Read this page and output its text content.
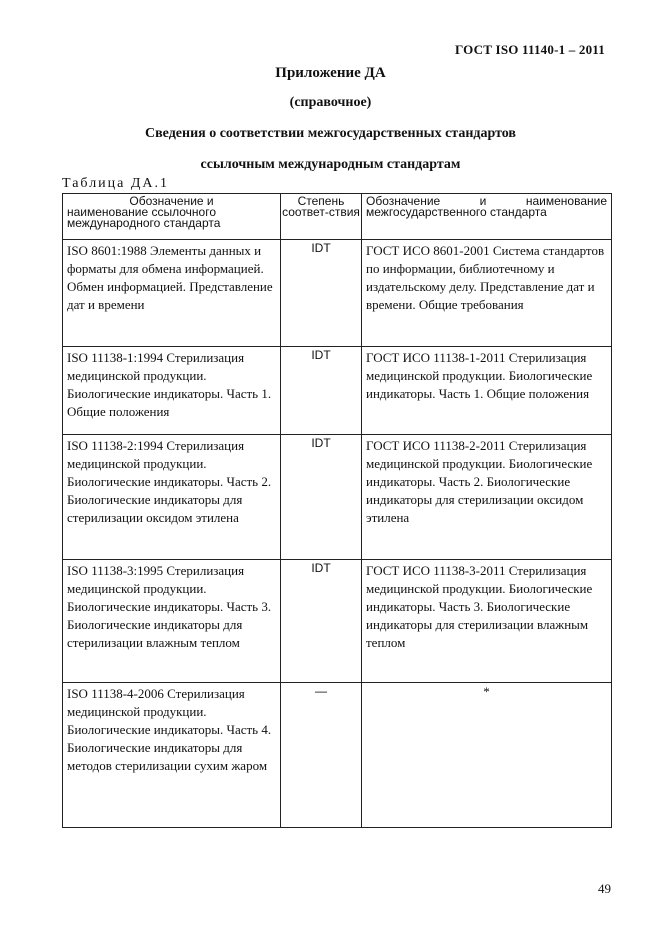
ГОСТ ISO 11140-1 – 2011
Приложение ДА
(справочное)
Сведения о соответствии межгосударственных стандартов
ссылочным международным стандартам
Таблица ДА.1
Обозначение и
наименование ссылочного международного стандарта	Степень соответ-ствия	Обозначение и наименование межгосударственного стандарта

ISO 8601:1988 Элементы данных и форматы для обмена информацией. Обмен информацией. Представление дат и времени	IDT	ГОСТ ИСО 8601-2001 Система стандартов по информации, библиотечному и издательскому делу. Представление дат и времени. Общие требования

ISO 11138-1:1994 Стерилизация медицинской продукции. Биологические индикаторы. Часть 1. Общие положения	IDT	ГОСТ ИСО 11138-1-2011 Стерилизация медицинской продукции. Биологические индикаторы. Часть 1. Общие положения

ISO 11138-2:1994 Стерилизация медицинской продукции. Биологические индикаторы. Часть 2. Биологические индикаторы для стерилизации оксидом этилена	IDT	ГОСТ ИСО 11138-2-2011 Стерилизация медицинской продукции. Биологические индикаторы. Часть 2. Биологические индикаторы для стерилизации оксидом этилена

ISO 11138-3:1995 Стерилизация медицинской продукции. Биологические индикаторы. Часть 3. Биологические индикаторы для стерилизации влажным теплом	IDT	ГОСТ ИСО 11138-3-2011 Стерилизация медицинской продукции. Биологические индикаторы. Часть 3. Биологические индикаторы для стерилизации влажным теплом

ISO 11138-4-2006 Стерилизация медицинской продукции. Биологические индикаторы. Часть 4. Биологические индикаторы для методов стерилизации сухим жаром	—	*
49
